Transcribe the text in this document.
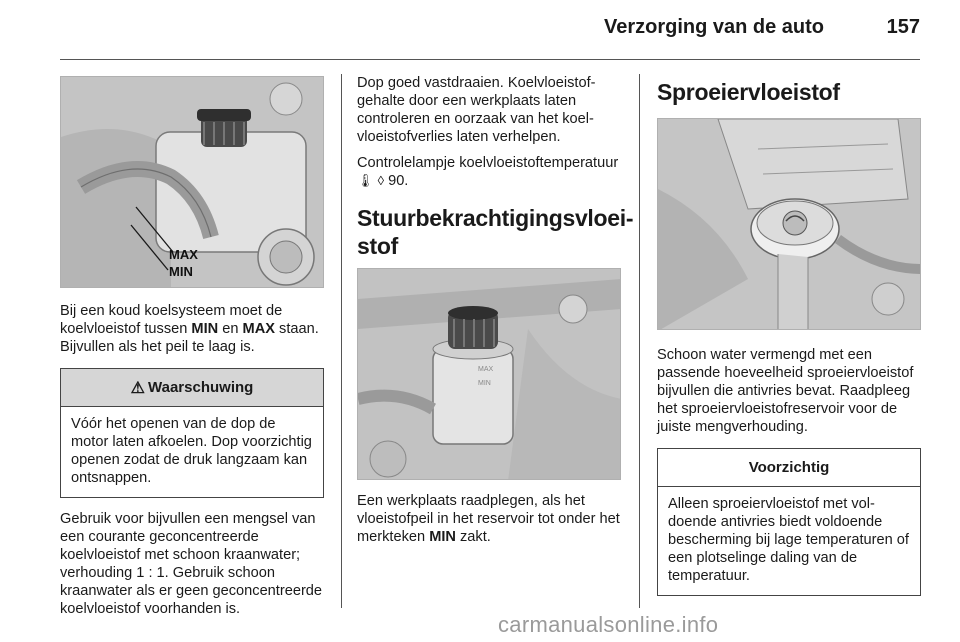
Verzorging van de auto	157
MAX
MIN

Bij een koud koelsysteem moet de koelvloeistof tussen MIN en MAX staan. Bijvullen als het peil te laag is.

⚠ Waarschuwing
Vóór het openen van de dop de motor laten afkoelen. Dop voorzichtig openen zodat de druk langzaam kan ontsnappen.

Gebruik voor bijvullen een mengsel van een courante geconcentreerde koelvloeistof met schoon kraanwater; verhouding 1 : 1. Gebruik schoon kraanwater als er geen geconcentreerde koelvloeistof voorhanden is.

Dop goed vastdraaien. Koelvloeistofgehalte door een werkplaats laten controleren en oorzaak van het koelvloeistofverlies laten verhelpen.

Controlelampje koelvloeistoftemperatuur 🌡 ◊ 90.

Stuurbekrachtigingsvloeistof
MAX
MIN

Een werkplaats raadplegen, als het vloeistofpeil in het reservoir tot onder het merkteken MIN zakt.

Sproeiervloeistof

Schoon water vermengd met een passende hoeveelheid sproeiervloeistof bijvullen die antivries bevat. Raadpleeg het sproeiervloeistofreservoir voor de juiste mengverhouding.

Voorzichtig
Alleen sproeiervloeistof met voldoende antivries biedt voldoende bescherming bij lage temperaturen of een plotselinge daling van de temperatuur.
carmanualsonline.info
